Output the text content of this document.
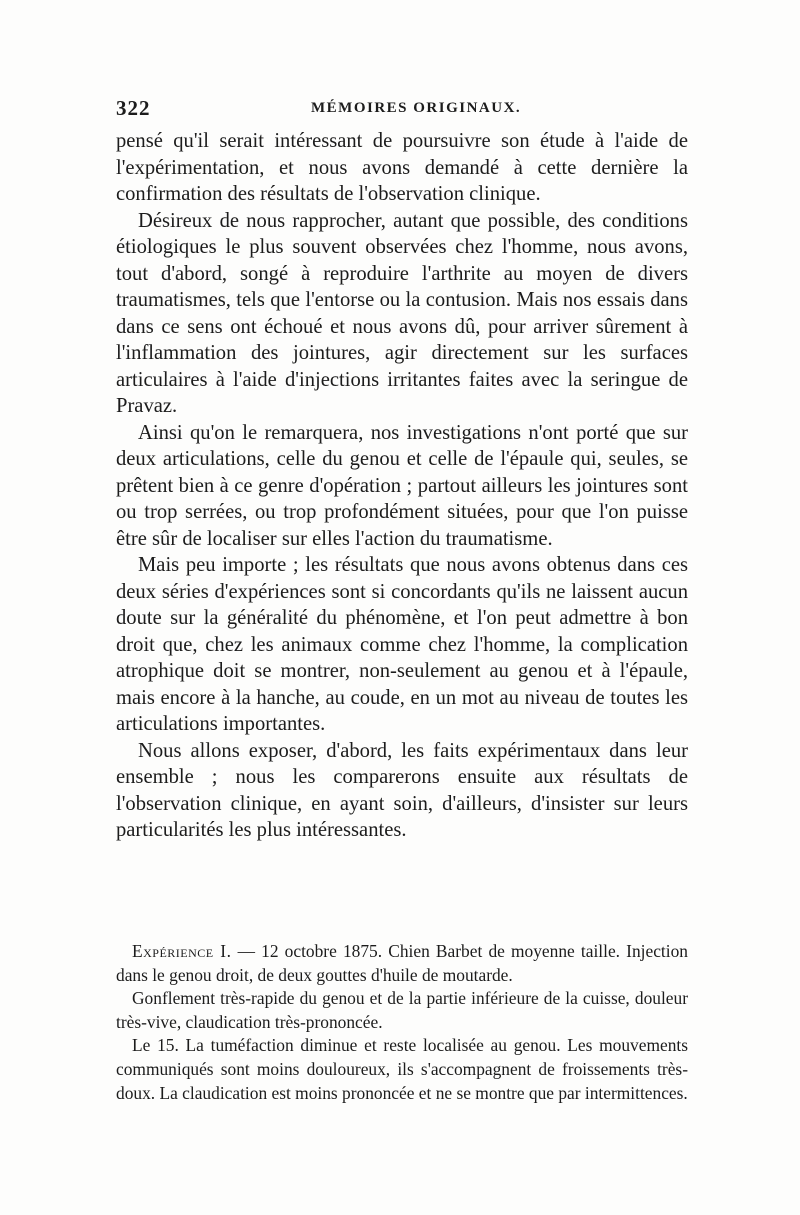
322	MÉMOIRES ORIGINAUX.

pensé qu'il serait intéressant de poursuivre son étude à l'aide de l'expérimentation, et nous avons demandé à cette dernière la confirmation des résultats de l'observation clinique.

Désireux de nous rapprocher, autant que possible, des conditions étiologiques le plus souvent observées chez l'homme, nous avons, tout d'abord, songé à reproduire l'arthrite au moyen de divers traumatismes, tels que l'entorse ou la contusion. Mais nos essais dans dans ce sens ont échoué et nous avons dû, pour arriver sûrement à l'inflammation des jointures, agir directement sur les surfaces articulaires à l'aide d'injections irritantes faites avec la seringue de Pravaz.

Ainsi qu'on le remarquera, nos investigations n'ont porté que sur deux articulations, celle du genou et celle de l'épaule qui, seules, se prêtent bien à ce genre d'opération ; partout ailleurs les jointures sont ou trop serrées, ou trop profondément situées, pour que l'on puisse être sûr de localiser sur elles l'action du traumatisme.

Mais peu importe ; les résultats que nous avons obtenus dans ces deux séries d'expériences sont si concordants qu'ils ne laissent aucun doute sur la généralité du phénomène, et l'on peut admettre à bon droit que, chez les animaux comme chez l'homme, la complication atrophique doit se montrer, non-seulement au genou et à l'épaule, mais encore à la hanche, au coude, en un mot au niveau de toutes les articulations importantes.

Nous allons exposer, d'abord, les faits expérimentaux dans leur ensemble ; nous les comparerons ensuite aux résultats de l'observation clinique, en ayant soin, d'ailleurs, d'insister sur leurs particularités les plus intéressantes.

Expérience I. — 12 octobre 1875. Chien Barbet de moyenne taille. Injection dans le genou droit, de deux gouttes d'huile de moutarde.

Gonflement très-rapide du genou et de la partie inférieure de la cuisse, douleur très-vive, claudication très-prononcée.

Le 15. La tuméfaction diminue et reste localisée au genou. Les mouvements communiqués sont moins douloureux, ils s'accompagnent de froissements très-doux. La claudication est moins prononcée et ne se montre que par intermittences.
